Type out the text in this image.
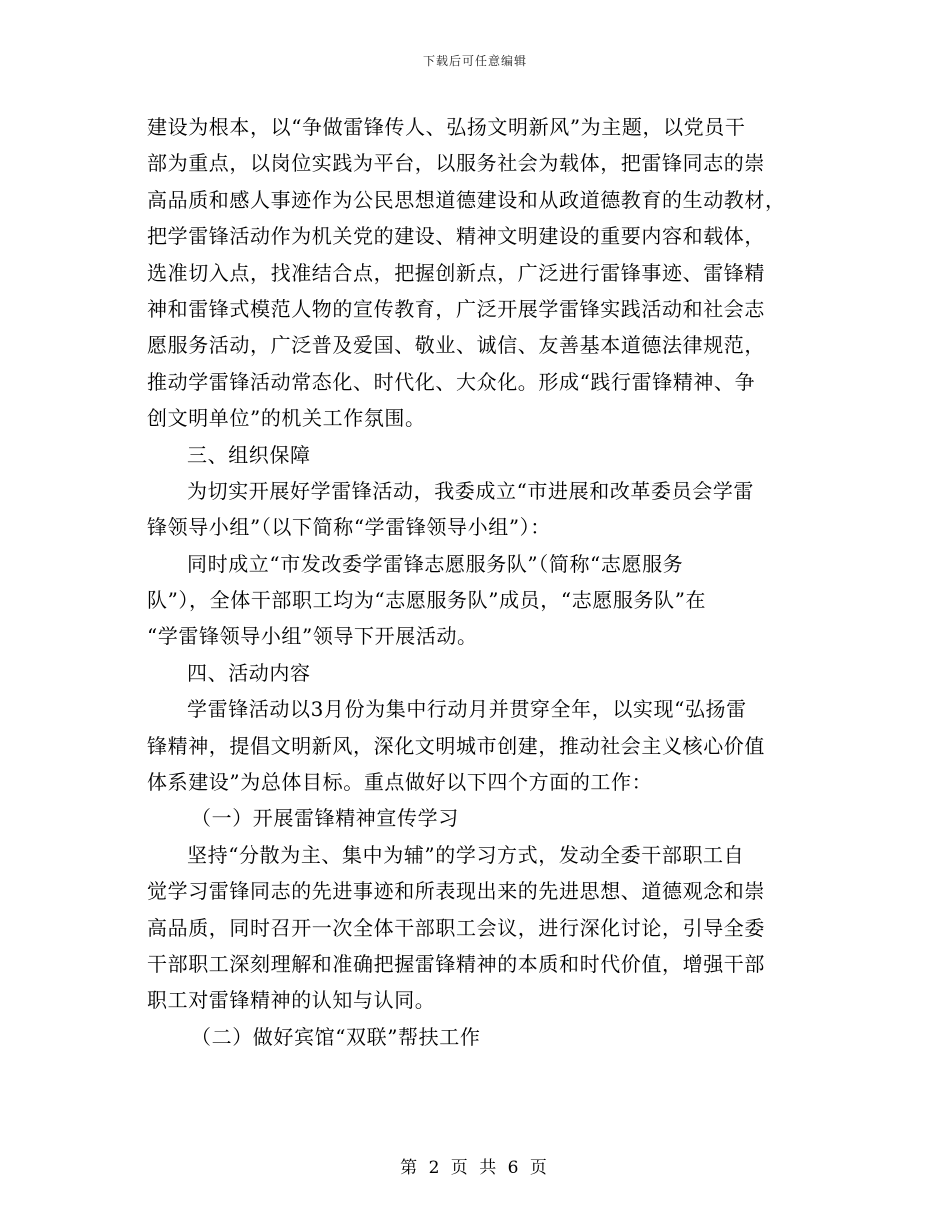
下载后可任意编辑
建设为根本，以“争做雷锋传人、弘扬文明新风”为主题，以党员干
部为重点，以岗位实践为平台，以服务社会为载体，把雷锋同志的崇
高品质和感人事迹作为公民思想道德建设和从政道德教育的生动教材，
把学雷锋活动作为机关党的建设、精神文明建设的重要内容和载体，
选准切入点，找准结合点，把握创新点，广泛进行雷锋事迹、雷锋精
神和雷锋式模范人物的宣传教育，广泛开展学雷锋实践活动和社会志
愿服务活动，广泛普及爱国、敬业、诚信、友善基本道德法律规范，
推动学雷锋活动常态化、时代化、大众化。形成“践行雷锋精神、争
创文明单位”的机关工作氛围。
三、组织保障
为切实开展好学雷锋活动，我委成立“市进展和改革委员会学雷
锋领导小组”（以下简称“学雷锋领导小组”）：
同时成立“市发改委学雷锋志愿服务队”（简称“志愿服务
队”），全体干部职工均为“志愿服务队”成员，“志愿服务队”在
“学雷锋领导小组”领导下开展活动。
四、活动内容
学雷锋活动以3月份为集中行动月并贯穿全年，以实现“弘扬雷
锋精神，提倡文明新风，深化文明城市创建，推动社会主义核心价值
体系建设”为总体目标。重点做好以下四个方面的工作：
（一）开展雷锋精神宣传学习
坚持“分散为主、集中为辅”的学习方式，发动全委干部职工自
觉学习雷锋同志的先进事迹和所表现出来的先进思想、道德观念和崇
高品质，同时召开一次全体干部职工会议，进行深化讨论，引导全委
干部职工深刻理解和准确把握雷锋精神的本质和时代价值，增强干部
职工对雷锋精神的认知与认同。
（二）做好宾馆“双联”帮扶工作
第 2 页 共 6 页
